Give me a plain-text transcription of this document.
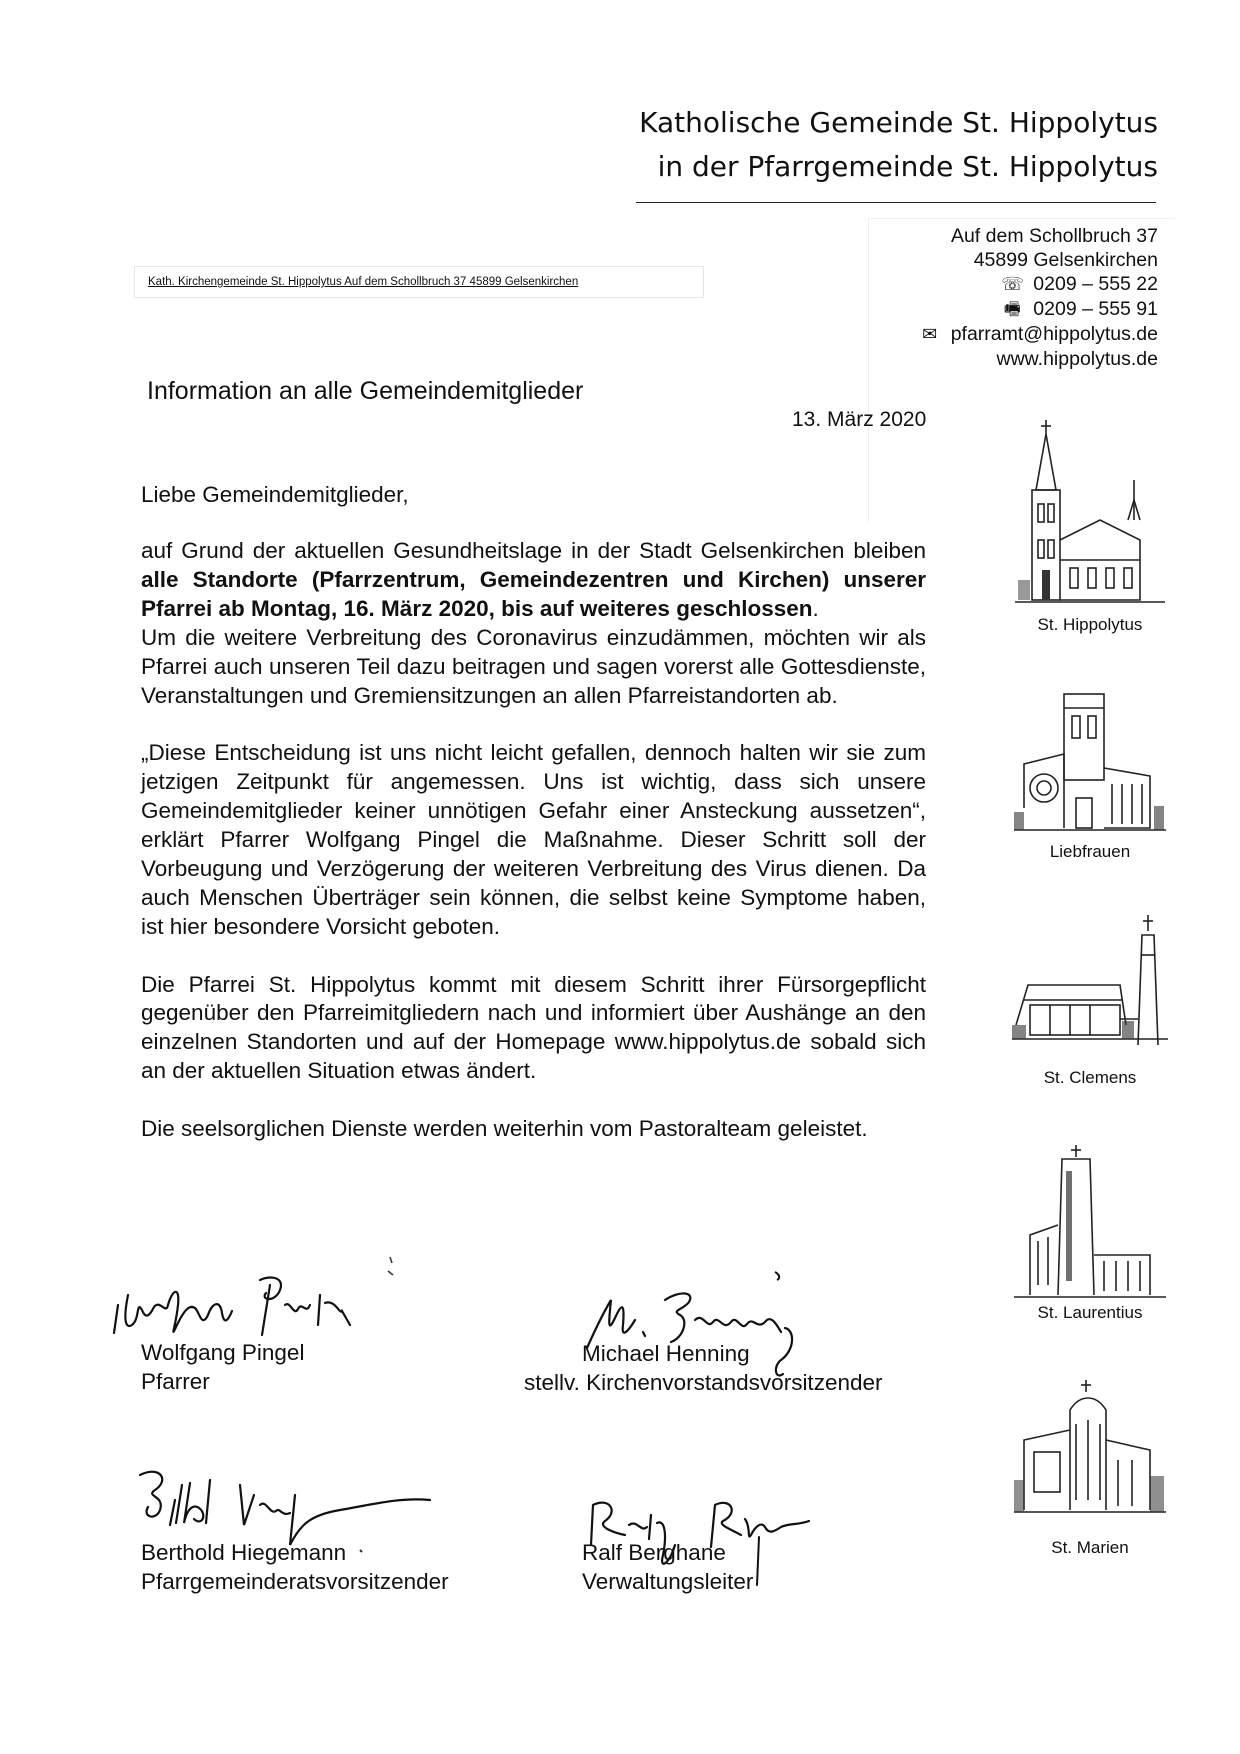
Katholische Gemeinde St. Hippolytus
in der Pfarrgemeinde St. Hippolytus
Auf dem Schollbruch 37
45899 Gelsenkirchen
☏ 0209 – 555 22
🖷 0209 – 555 91
✉ pfarramt@hippolytus.de
www.hippolytus.de
Kath. Kirchengemeinde St. Hippolytus Auf dem Schollbruch 37 45899 Gelsenkirchen
Information an alle Gemeindemitglieder
13. März 2020
Liebe Gemeindemitglieder,

auf Grund der aktuellen Gesundheitslage in der Stadt Gelsenkirchen bleiben alle Standorte (Pfarrzentrum, Gemeindezentren und Kirchen) unserer Pfarrei ab Montag, 16. März 2020, bis auf weiteres geschlossen.

Um die weitere Verbreitung des Coronavirus einzudämmen, möchten wir als Pfarrei auch unseren Teil dazu beitragen und sagen vorerst alle Gottesdienste, Veranstaltungen und Gremiensitzungen an allen Pfarreistandorten ab.

„Diese Entscheidung ist uns nicht leicht gefallen, dennoch halten wir sie zum jetzigen Zeitpunkt für angemessen. Uns ist wichtig, dass sich unsere Gemeindemitglieder keiner unnötigen Gefahr einer Ansteckung aussetzen“, erklärt Pfarrer Wolfgang Pingel die Maßnahme. Dieser Schritt soll der Vorbeugung und Verzögerung der weiteren Verbreitung des Virus dienen. Da auch Menschen Überträger sein können, die selbst keine Symptome haben, ist hier besondere Vorsicht geboten.

Die Pfarrei St. Hippolytus kommt mit diesem Schritt ihrer Fürsorgepflicht gegenüber den Pfarreimitgliedern nach und informiert über Aushänge an den einzelnen Standorten und auf der Homepage www.hippolytus.de sobald sich an der aktuellen Situation etwas ändert.

Die seelsorglichen Dienste werden weiterhin vom Pastoralteam geleistet.

Wolfgang Pingel
Pfarrer
Michael Henning
stellv. Kirchenvorstandsvorsitzender
Berthold Hiegemann
Pfarrgemeinderatsvorsitzender
Ralf Berghane
Verwaltungsleiter
St. Hippolytus
Liebfrauen
St. Clemens
St. Laurentius
St. Marien
